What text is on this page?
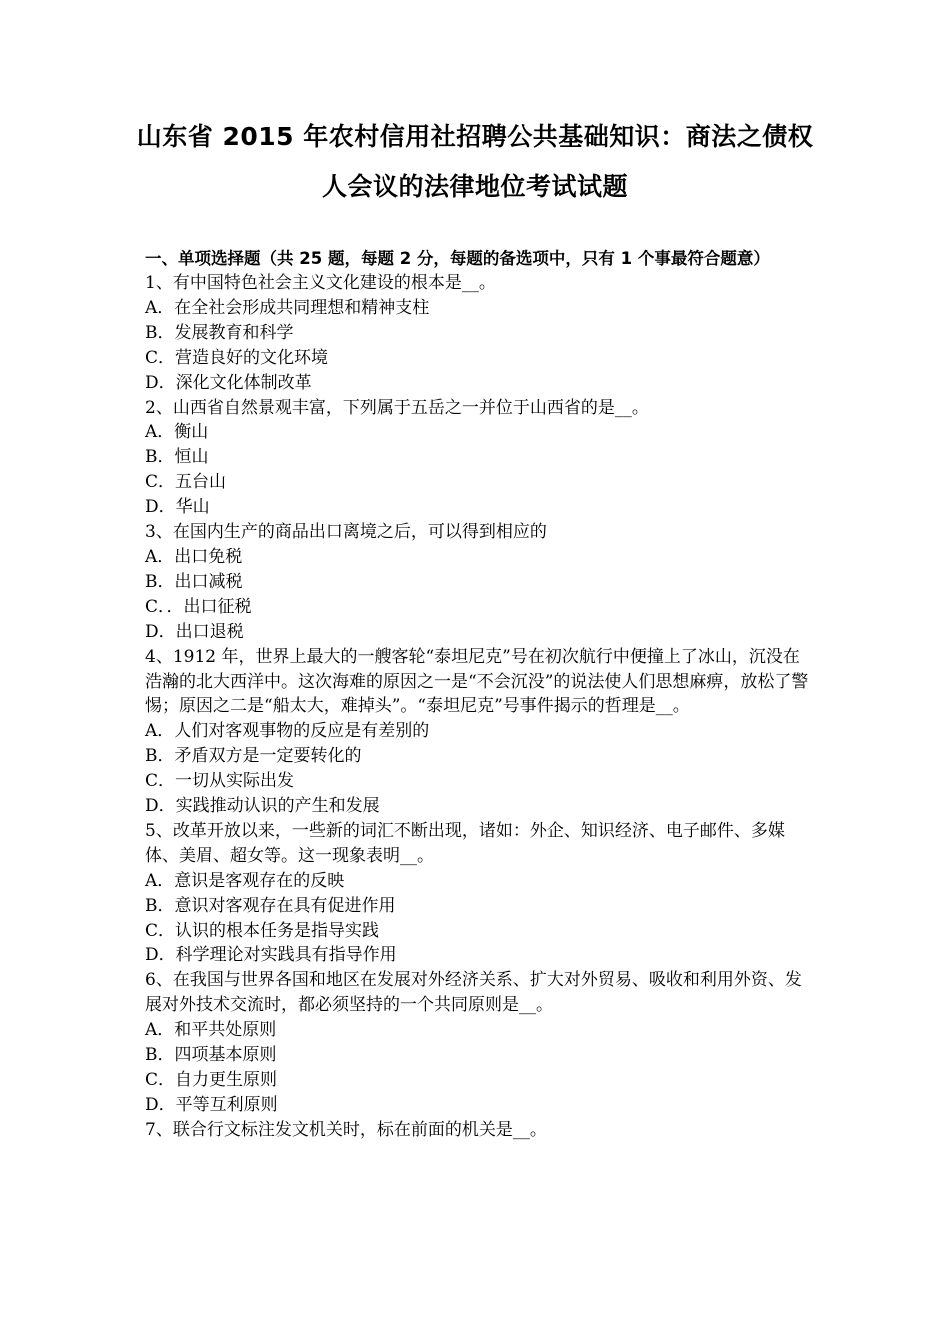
山东省 2015 年农村信用社招聘公共基础知识：商法之债权
人会议的法律地位考试试题

一、单项选择题（共 25 题，每题 2 分，每题的备选项中，只有 1 个事最符合题意）

1、有中国特色社会主义文化建设的根本是__。

A．在全社会形成共同理想和精神支柱

B．发展教育和科学

C．营造良好的文化环境

D．深化文化体制改革

2、山西省自然景观丰富，下列属于五岳之一并位于山西省的是__。

A．衡山

B．恒山

C．五台山

D．华山

3、在国内生产的商品出口离境之后，可以得到相应的

A．出口免税

B．出口减税

C．．出口征税

D．出口退税

4、1912 年，世界上最大的一艘客轮“泰坦尼克”号在初次航行中便撞上了冰山，沉没在浩瀚的北大西洋中。这次海难的原因之一是“不会沉没”的说法使人们思想麻痹，放松了警惕；原因之二是“船太大，难掉头”。“泰坦尼克”号事件揭示的哲理是__。

A．人们对客观事物的反应是有差别的

B．矛盾双方是一定要转化的

C．一切从实际出发

D．实践推动认识的产生和发展

5、改革开放以来，一些新的词汇不断出现，诸如：外企、知识经济、电子邮件、多媒体、美眉、超女等。这一现象表明__。

A．意识是客观存在的反映

B．意识对客观存在具有促进作用

C．认识的根本任务是指导实践

D．科学理论对实践具有指导作用

6、在我国与世界各国和地区在发展对外经济关系、扩大对外贸易、吸收和利用外资、发展对外技术交流时，都必须坚持的一个共同原则是__。

A．和平共处原则

B．四项基本原则

C．自力更生原则

D．平等互利原则

7、联合行文标注发文机关时，标在前面的机关是__。
